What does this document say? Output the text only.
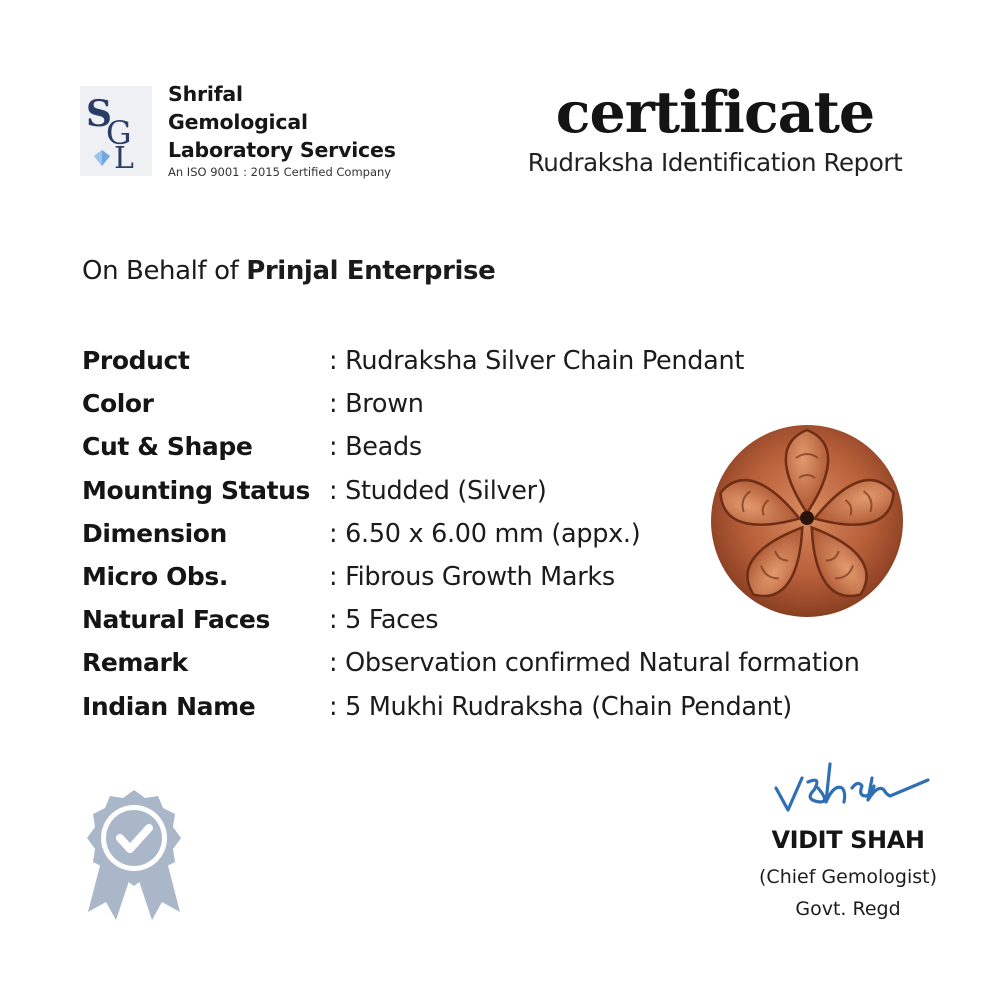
S
G
L
Shrifal
Gemological
Laboratory Services
An ISO 9001 : 2015 Certified Company
certificate
Rudraksha Identification Report
On Behalf of Prinjal Enterprise
Product	: Rudraksha Silver Chain Pendant
Color	: Brown
Cut & Shape	: Beads
Mounting Status : Studded (Silver)
Dimension	: 6.50 x 6.00 mm (appx.)
Micro Obs.	: Fibrous Growth Marks
Natural Faces : 5 Faces
Remark	: Observation confirmed Natural formation
Indian Name	: 5 Mukhi Rudraksha (Chain Pendant)
VIDIT SHAH
(Chief Gemologist)
Govt. Regd
